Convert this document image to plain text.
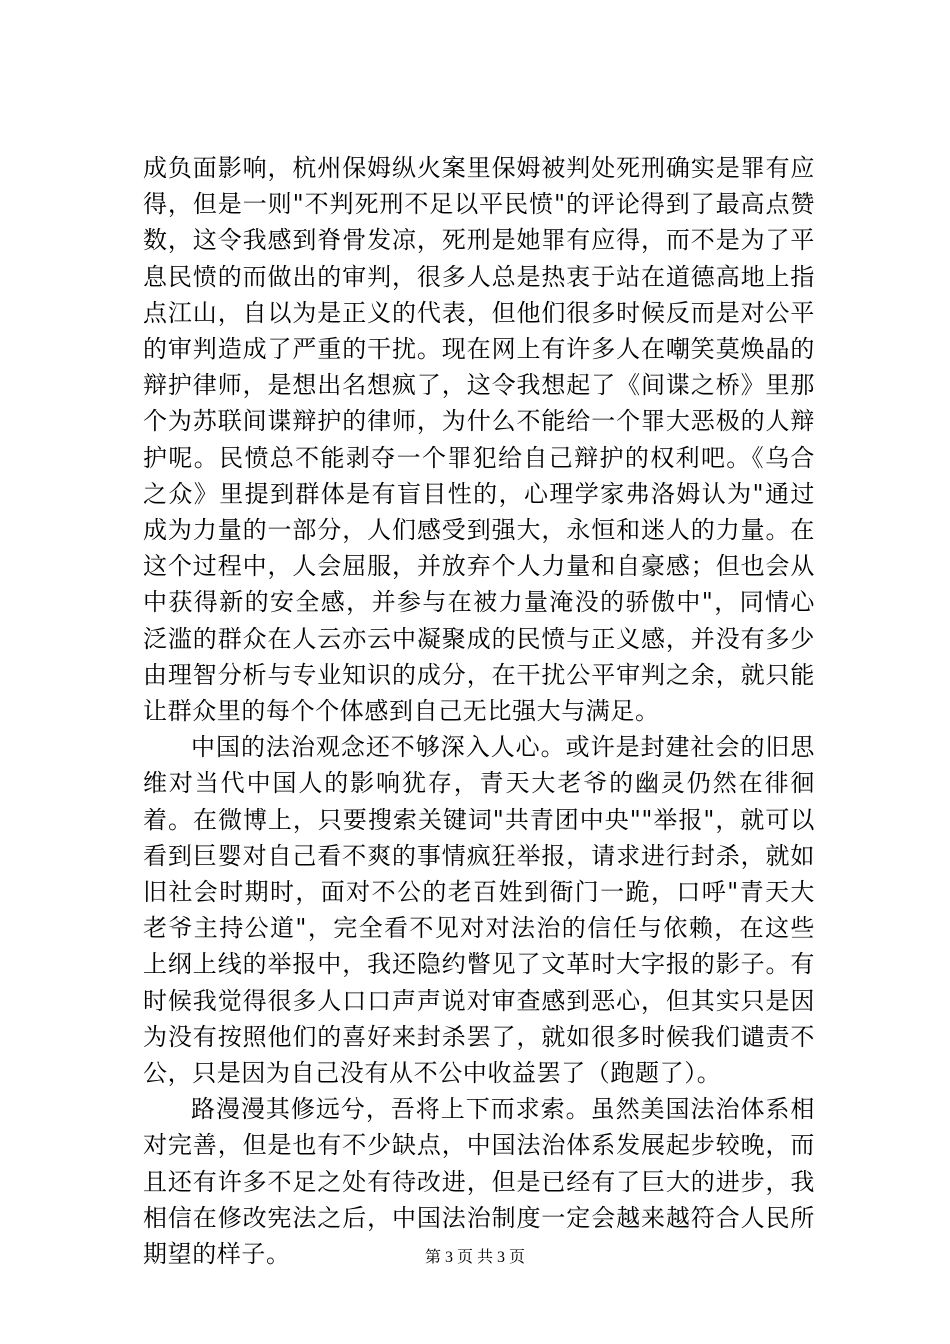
成负面影响，杭州保姆纵火案里保姆被判处死刑确实是罪有应得，但是一则"不判死刑不足以平民愤"的评论得到了最高点赞数，这令我感到脊骨发凉，死刑是她罪有应得，而不是为了平息民愤的而做出的审判，很多人总是热衷于站在道德高地上指点江山，自以为是正义的代表，但他们很多时候反而是对公平的审判造成了严重的干扰。现在网上有许多人在嘲笑莫焕晶的辩护律师，是想出名想疯了，这令我想起了《间谍之桥》里那个为苏联间谍辩护的律师，为什么不能给一个罪大恶极的人辩护呢。民愤总不能剥夺一个罪犯给自己辩护的权利吧。《乌合之众》里提到群体是有盲目性的，心理学家弗洛姆认为"通过成为力量的一部分，人们感受到强大，永恒和迷人的力量。在这个过程中，人会屈服，并放弃个人力量和自豪感；但也会从中获得新的安全感，并参与在被力量淹没的骄傲中"，同情心泛滥的群众在人云亦云中凝聚成的民愤与正义感，并没有多少由理智分析与专业知识的成分，在干扰公平审判之余，就只能让群众里的每个个体感到自己无比强大与满足。

中国的法治观念还不够深入人心。或许是封建社会的旧思维对当代中国人的影响犹存，青天大老爷的幽灵仍然在徘徊着。在微博上，只要搜索关键词"共青团中央""举报"，就可以看到巨婴对自己看不爽的事情疯狂举报，请求进行封杀，就如旧社会时期时，面对不公的老百姓到衙门一跪，口呼"青天大老爷主持公道"，完全看不见对对法治的信任与依赖，在这些上纲上线的举报中，我还隐约瞥见了文革时大字报的影子。有时候我觉得很多人口口声声说对审查感到恶心，但其实只是因为没有按照他们的喜好来封杀罢了，就如很多时候我们谴责不公，只是因为自己没有从不公中收益罢了（跑题了）。

路漫漫其修远兮，吾将上下而求索。虽然美国法治体系相对完善，但是也有不少缺点，中国法治体系发展起步较晚，而且还有许多不足之处有待改进，但是已经有了巨大的进步，我相信在修改宪法之后，中国法治制度一定会越来越符合人民所期望的样子。	第 3 页 共 3 页
